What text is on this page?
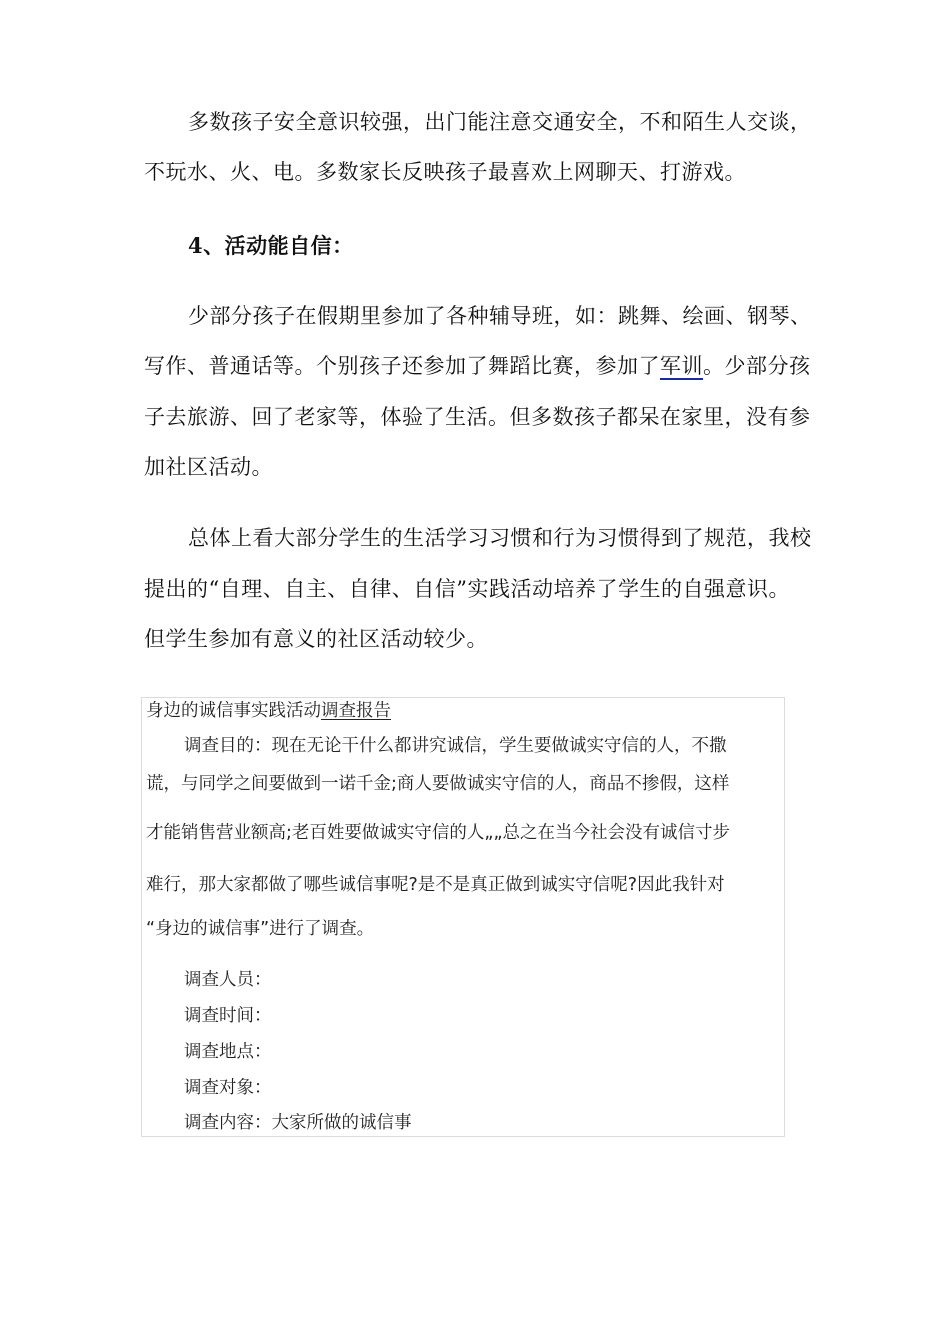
多数孩子安全意识较强，出门能注意交通安全，不和陌生人交谈，
不玩水、火、电。多数家长反映孩子最喜欢上网聊天、打游戏。
4、活动能自信：
少部分孩子在假期里参加了各种辅导班，如：跳舞、绘画、钢琴、
写作、普通话等。个别孩子还参加了舞蹈比赛，参加了军训。少部分孩
子去旅游、回了老家等，体验了生活。但多数孩子都呆在家里，没有参
加社区活动。
总体上看大部分学生的生活学习习惯和行为习惯得到了规范，我校
提出的“自理、自主、自律、自信”实践活动培养了学生的自强意识。
但学生参加有意义的社区活动较少。
身边的诚信事实践活动调查报告
调查目的：现在无论干什么都讲究诚信，学生要做诚实守信的人，不撒
谎，与同学之间要做到一诺千金;商人要做诚实守信的人，商品不掺假，这样
才能销售营业额高;老百姓要做诚实守信的人„„总之在当今社会没有诚信寸步
难行，那大家都做了哪些诚信事呢?是不是真正做到诚实守信呢?因此我针对
“身边的诚信事”进行了调查。
调查人员：
调查时间：
调查地点：
调查对象：
调查内容：大家所做的诚信事
